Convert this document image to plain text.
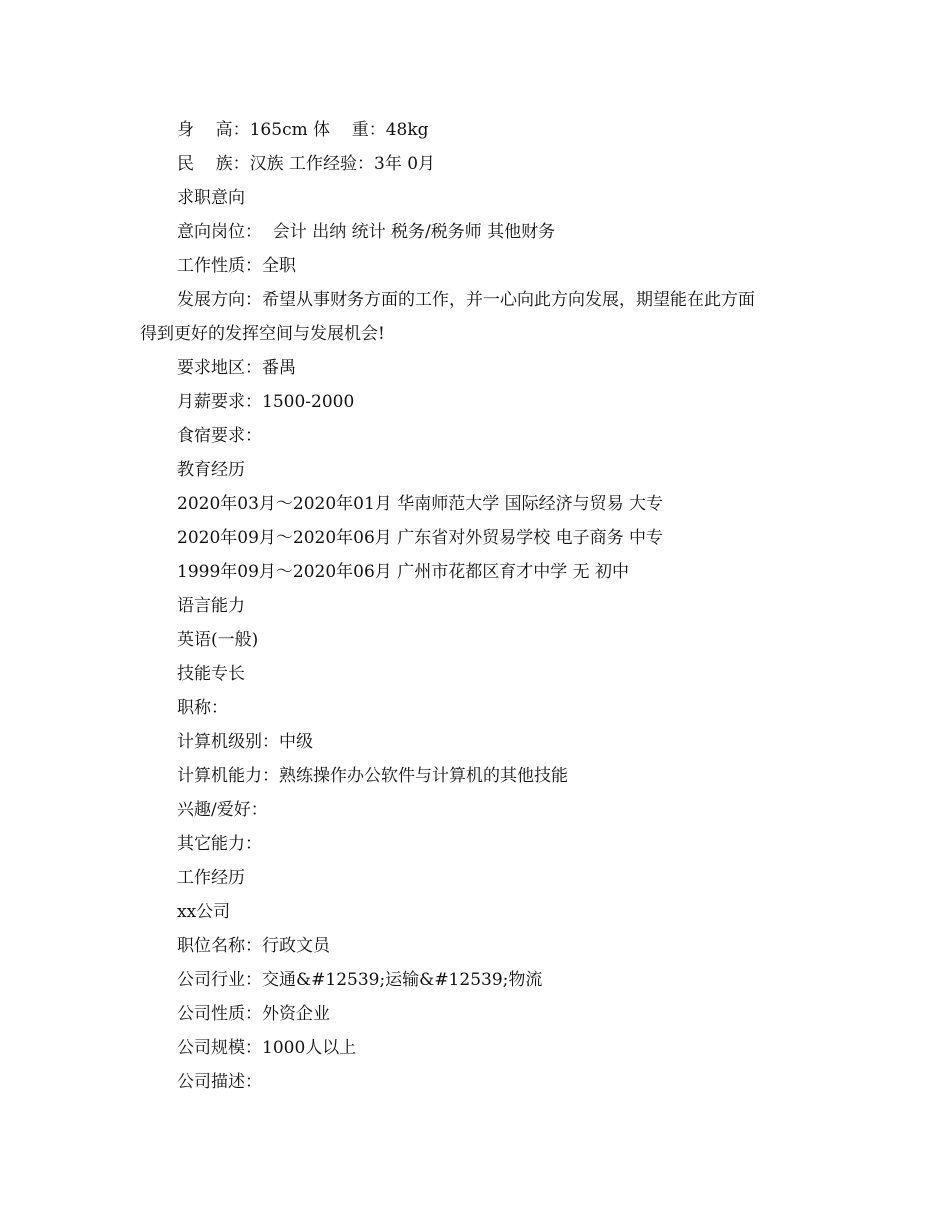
身    高：165cm 体    重：48kg
民    族：汉族 工作经验：3年 0月
求职意向
意向岗位：  会计 出纳 统计 税务/税务师 其他财务
工作性质：全职
发展方向：希望从事财务方面的工作，并一心向此方向发展，期望能在此方面
得到更好的发挥空间与发展机会!
要求地区：番禺
月薪要求：1500-2000
食宿要求：
教育经历
2020年03月～2020年01月 华南师范大学 国际经济与贸易 大专
2020年09月～2020年06月 广东省对外贸易学校 电子商务 中专
1999年09月～2020年06月 广州市花都区育才中学 无 初中
语言能力
英语(一般)
技能专长
职称：
计算机级别：中级
计算机能力：熟练操作办公软件与计算机的其他技能
兴趣/爱好：
其它能力：
工作经历
xx公司
职位名称：行政文员
公司行业：交通&#12539;运输&#12539;物流
公司性质：外资企业
公司规模：1000人以上
公司描述：
